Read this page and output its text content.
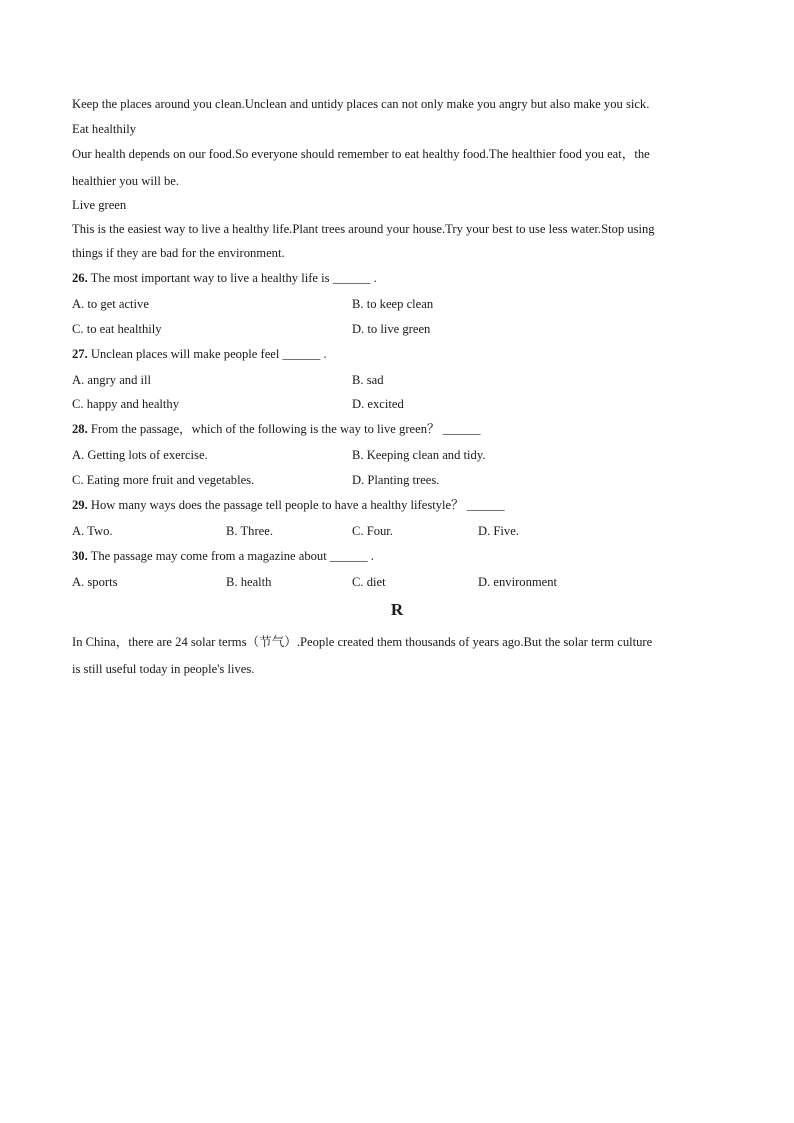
Keep the places around you clean.Unclean and untidy places can not only make you angry but also make you sick.
Eat healthily
Our health depends on our food.So everyone should remember to eat healthy food.The healthier food you eat，the
healthier you will be.
Live green
This is the easiest way to live a healthy life.Plant trees around your house.Try your best to use less water.Stop using
things if they are bad for the environment.
26. The most important way to live a healthy life is ______ .
A. to get active	B. to keep clean
C. to eat healthily	D. to live green
27. Unclean places will make people feel ______ .
A. angry and ill	B. sad
C. happy and healthy	D. excited
28. From the passage，which of the following is the way to live green？ ______
A. Getting lots of exercise.	B. Keeping clean and tidy.
C. Eating more fruit and vegetables.	D. Planting trees.
29. How many ways does the passage tell people to have a healthy lifestyle？ ______
A. Two.	B. Three.	C. Four.	D. Five.
30. The passage may come from a magazine about ______ .
A. sports	B. health	C. diet	D. environment
R
In China，there are 24 solar terms（节气）.People created them thousands of years ago.But the solar term culture
is still useful today in people's lives.
